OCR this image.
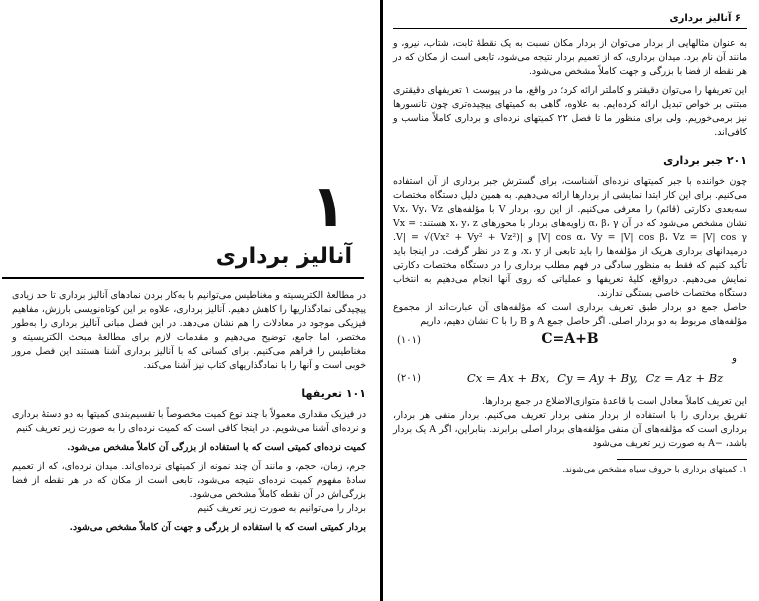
۱
آنالیز برداری

در مطالعهٔ الکتریسیته و مغناطیس می‌توانیم با به‌کار بردن نمادهای آنالیز برداری تا حد زیادی پیچیدگی نمادگذاریها را کاهش دهیم. آنالیز برداری، علاوه بر این کوتاه‌نویسی بارزش، مفاهیم فیزیکی موجود در معادلات را هم نشان می‌دهد. در این فصل مبانی آنالیز برداری را به‌طور مختصر، اما جامع، توضیح می‌دهیم و مقدمات لازم برای مطالعهٔ مبحث الکتریسیته و مغناطیس را فراهم می‌کنیم. برای کسانی که با آنالیز برداری آشنا هستند این فصل مرور خوبی است و آنها را با نمادگذاریهای کتاب نیز آشنا می‌کند.

۱۰۱ تعریفها

در فیزیک مقداری معمولاً با چند نوع کمیت مخصوصاً با تقسیم‌بندی کمیتها به دو دستهٔ برداری و نرده‌ای آشنا می‌شویم. در اینجا کافی است که کمیت نرده‌ای را به صورت زیر تعریف کنیم

کمیت نرده‌ای کمیتی است که با استفاده از بزرگی آن کاملاً مشخص می‌شود.

جرم، زمان، حجم، و مانند آن چند نمونه از کمیتهای نرده‌ای‌اند. میدان نرده‌ای، که از تعمیم سادهٔ مفهوم کمیت نرده‌ای نتیجه می‌شود، تابعی است از مکان که در هر نقطه از فضا بزرگی‌اش در آن نقطه کاملاً مشخص می‌شود.

بردار را می‌توانیم به صورت زیر تعریف کنیم

بردار کمیتی است که با استفاده از بزرگی و جهت آن کاملاً مشخص می‌شود.

۶ آنالیز برداری

به عنوان مثالهایی از بردار می‌توان از بردار مکان نسبت به یک نقطهٔ ثابت، شتاب، نیرو، و مانند آن نام برد. میدان برداری، که از تعمیم بردار نتیجه می‌شود، تابعی است از مکان که در هر نقطه از فضا با بزرگی و جهت کاملاً مشخص می‌شود.

این تعریفها را می‌توان دقیقتر و کاملتر ارائه کرد؛ در واقع، ما در پیوست ۱ تعریفهای دقیقتری مبتنی بر خواص تبدیل ارائه کرده‌ایم. به علاوه، گاهی به کمیتهای پیچیده‌تری چون تانسورها نیز برمی‌خوریم. ولی برای منظور ما تا فصل ۲۲ کمیتهای نرده‌ای و برداری کاملاً مناسب و کافی‌اند.

۲۰۱ جبر برداری

چون خواننده با جبر کمیتهای نرده‌ای آشناست، برای گسترش جبر برداری از آن استفاده می‌کنیم. برای این کار ابتدا نمایشی از بردارها ارائه می‌دهیم. به همین دلیل دستگاه مختصات سه‌بعدی دکارتی (قائم) را معرفی می‌کنیم. از این رو، بردار V با مؤلفه‌های Vx، Vy، Vz نشان مشخص می‌شود که در آن α، β، γ زاویه‌های بردار با محورهای x، y، z هستند: Vx = |V| cos α، Vy = |V| cos β، Vz = |V| cos γ و |V| = √(Vx² + Vy² + Vz²). درمیدانهای برداری هریک از مؤلفه‌ها را باید تابعی از x، y، و z در نظر گرفت. در اینجا باید تأکید کنیم که فقط به منظور سادگی در فهم مطلب برداری را در دستگاه مختصات دکارتی نمایش می‌دهیم. درواقع، کلیهٔ تعریفها و عملیاتی که روی آنها انجام می‌دهیم به انتخاب دستگاه مختصات خاصی بستگی ندارند.

حاصل جمع دو بردار طبق تعریف برداری است که مؤلفه‌های آن عبارت‌اند از مجموع مؤلفه‌های مربوط به دو بردار اصلی. اگر حاصل جمع A و B را با C نشان دهیم، داریم

(۱۰۱)	C=A+B
و
(۲۰۱)	Cx = Ax + Bx, Cy = Ay + By, Cz = Az + Bz

این تعریف کاملاً معادل است با قاعدهٔ متوازی‌الاضلاع در جمع بردارها.

تفریق برداری را با استفاده از بردار منفی بردار تعریف می‌کنیم. بردار منفی هر بردار، برداری است که مؤلفه‌های آن منفی مؤلفه‌های بردار اصلی برابرند. بنابراین، اگر A یک بردار باشد، −A به صورت زیر تعریف می‌شود

۱. کمیتهای برداری با حروف سیاه مشخص می‌شوند.
